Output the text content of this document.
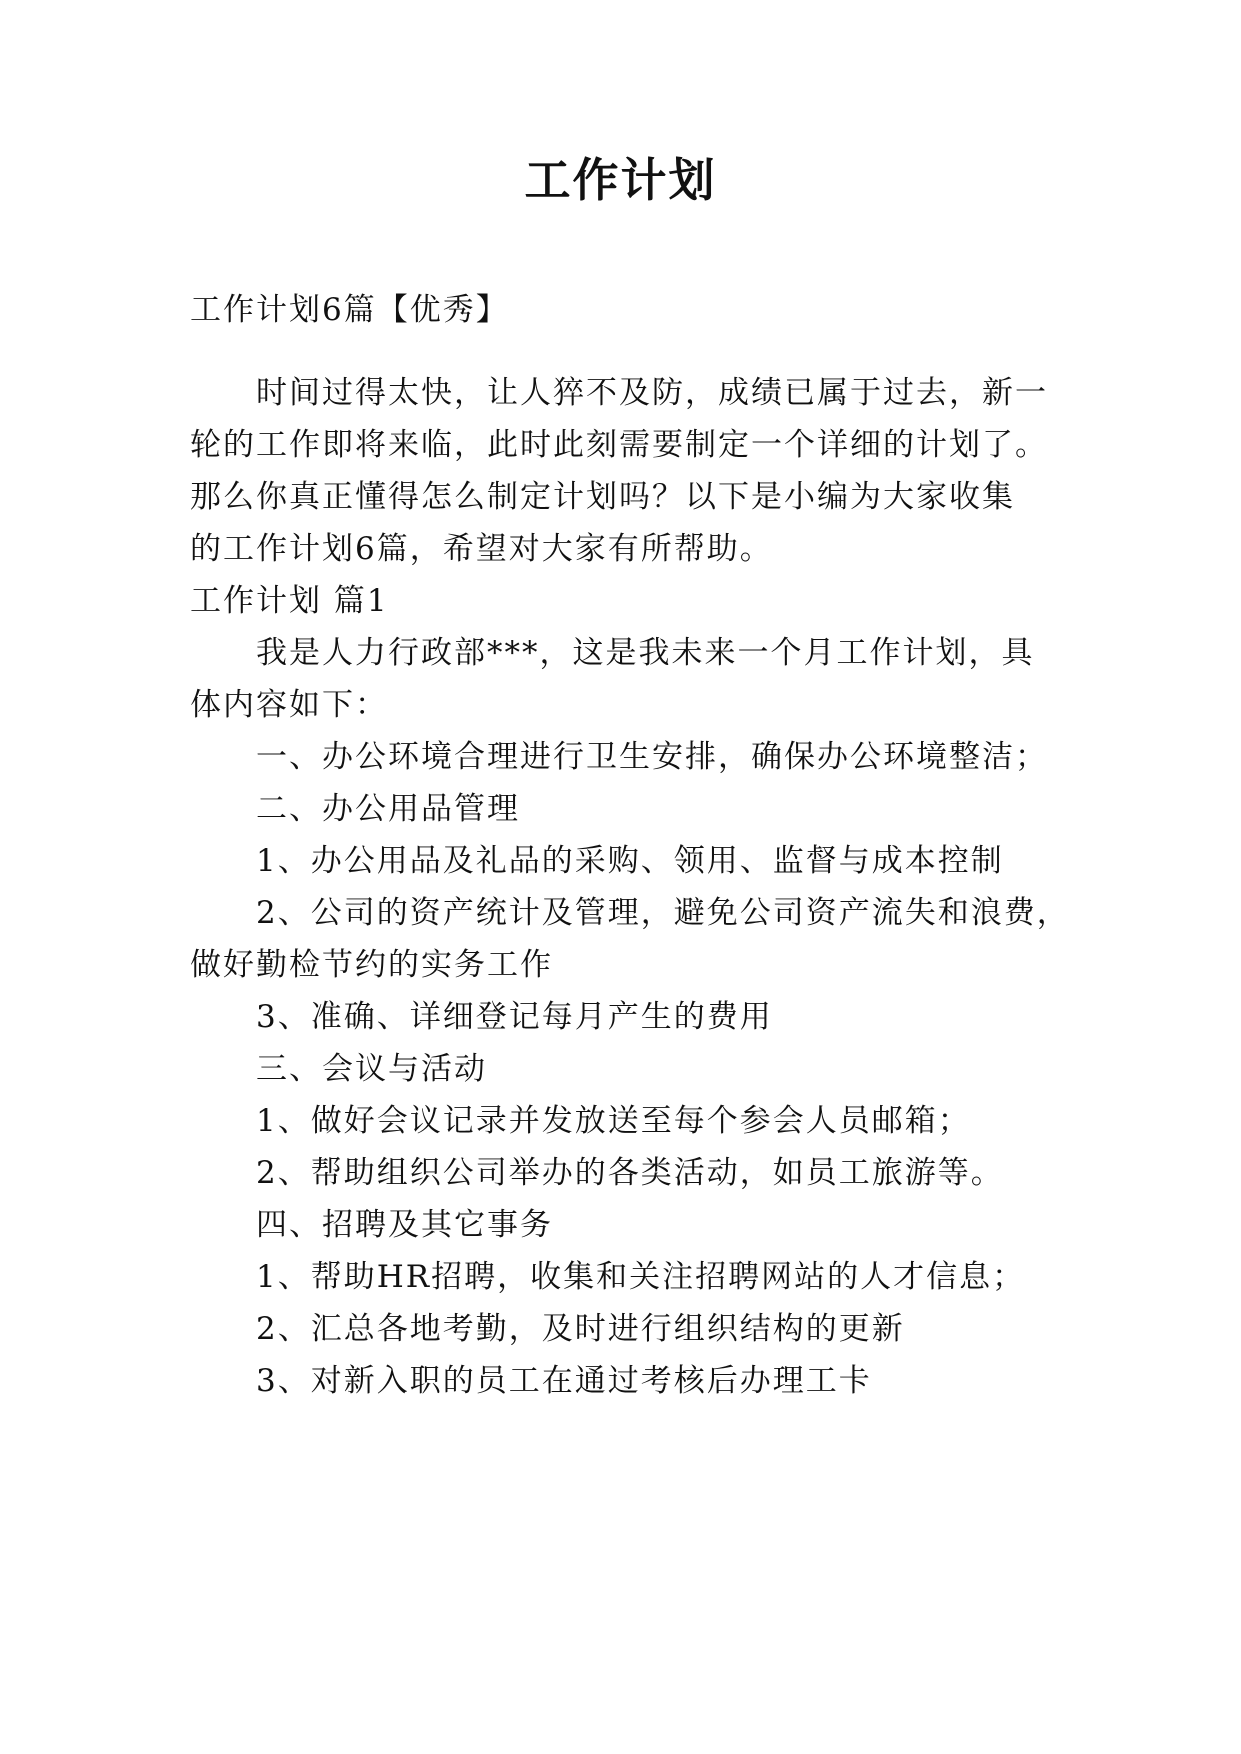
工作计划
工作计划6篇【优秀】
时间过得太快，让人猝不及防，成绩已属于过去，新一
轮的工作即将来临，此时此刻需要制定一个详细的计划了。
那么你真正懂得怎么制定计划吗？以下是小编为大家收集
的工作计划6篇，希望对大家有所帮助。
工作计划 篇1
我是人力行政部***，这是我未来一个月工作计划，具
体内容如下：
一、办公环境合理进行卫生安排，确保办公环境整洁；
二、办公用品管理
1、办公用品及礼品的采购、领用、监督与成本控制
2、公司的资产统计及管理，避免公司资产流失和浪费，
做好勤检节约的实务工作
3、准确、详细登记每月产生的费用
三、会议与活动
1、做好会议记录并发放送至每个参会人员邮箱；
2、帮助组织公司举办的各类活动，如员工旅游等。
四、招聘及其它事务
1、帮助HR招聘，收集和关注招聘网站的人才信息；
2、汇总各地考勤，及时进行组织结构的更新
3、对新入职的员工在通过考核后办理工卡
